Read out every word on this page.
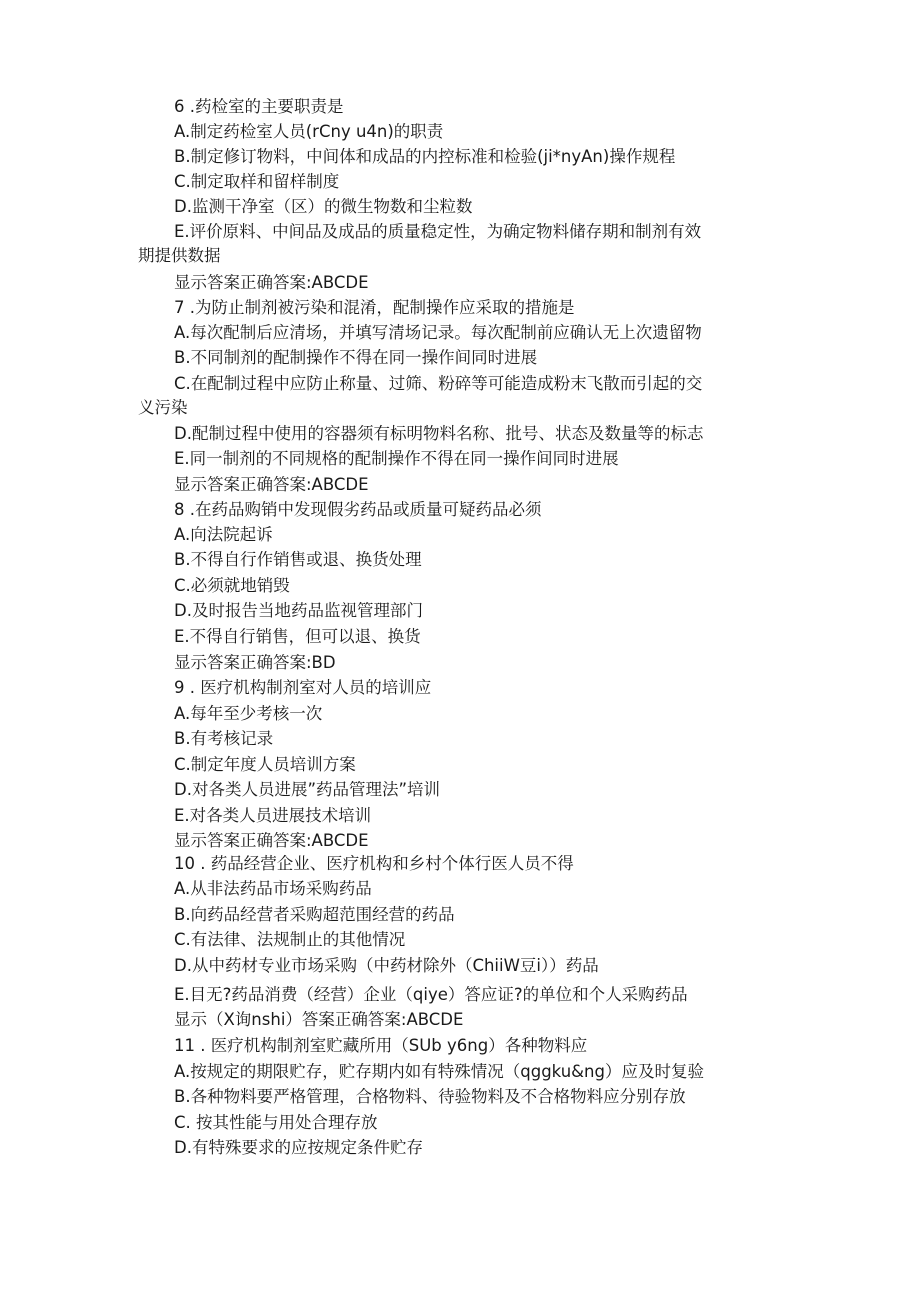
6 .药检室的主要职责是
A.制定药检室人员(rCny u4n)的职责
B.制定修订物料，中间体和成品的内控标准和检验(ji*nyAn)操作规程
C.制定取样和留样制度
D.监测干净室（区）的微生物数和尘粒数
E.评价原料、中间品及成品的质量稳定性，为确定物料储存期和制剂有效
期提供数据
显示答案正确答案:ABCDE
7 .为防止制剂被污染和混淆，配制操作应采取的措施是
A.每次配制后应清场，并填写清场记录。每次配制前应确认无上次遗留物
B.不同制剂的配制操作不得在同一操作间同时进展
C.在配制过程中应防止称量、过筛、粉碎等可能造成粉末飞散而引起的交
义污染
D.配制过程中使用的容器须有标明物料名称、批号、状态及数量等的标志
E.同一制剂的不同规格的配制操作不得在同一操作间同时进展
显示答案正确答案:ABCDE
8 .在药品购销中发现假劣药品或质量可疑药品必须
A.向法院起诉
B.不得自行作销售或退、换货处理
C.必须就地销毁
D.及时报告当地药品监视管理部门
E.不得自行销售，但可以退、换货
显示答案正确答案:BD
9 . 医疗机构制剂室对人员的培训应
A.每年至少考核一次
B.有考核记录
C.制定年度人员培训方案
D.对各类人员进展”药品管理法”培训
E.对各类人员进展技术培训
显示答案正确答案:ABCDE
10 . 药品经营企业、医疗机构和乡村个体行医人员不得
A.从非法药品市场采购药品
B.向药品经营者采购超范围经营的药品
C.有法律、法规制止的其他情况
D.从中药材专业市场采购（中药材除外（ChiiW豆i））药品
E.目无?药品消费（经营）企业（qiye）答应证?的单位和个人采购药品
显示（X询nshi）答案正确答案:ABCDE
11 . 医疗机构制剂室贮藏所用（SUb y6ng）各种物料应
A.按规定的期限贮存，贮存期内如有特殊情况（qggku&ng）应及时复验
B.各种物料要严格管理，合格物料、待验物料及不合格物料应分别存放
C. 按其性能与用处合理存放
D.有特殊要求的应按规定条件贮存
